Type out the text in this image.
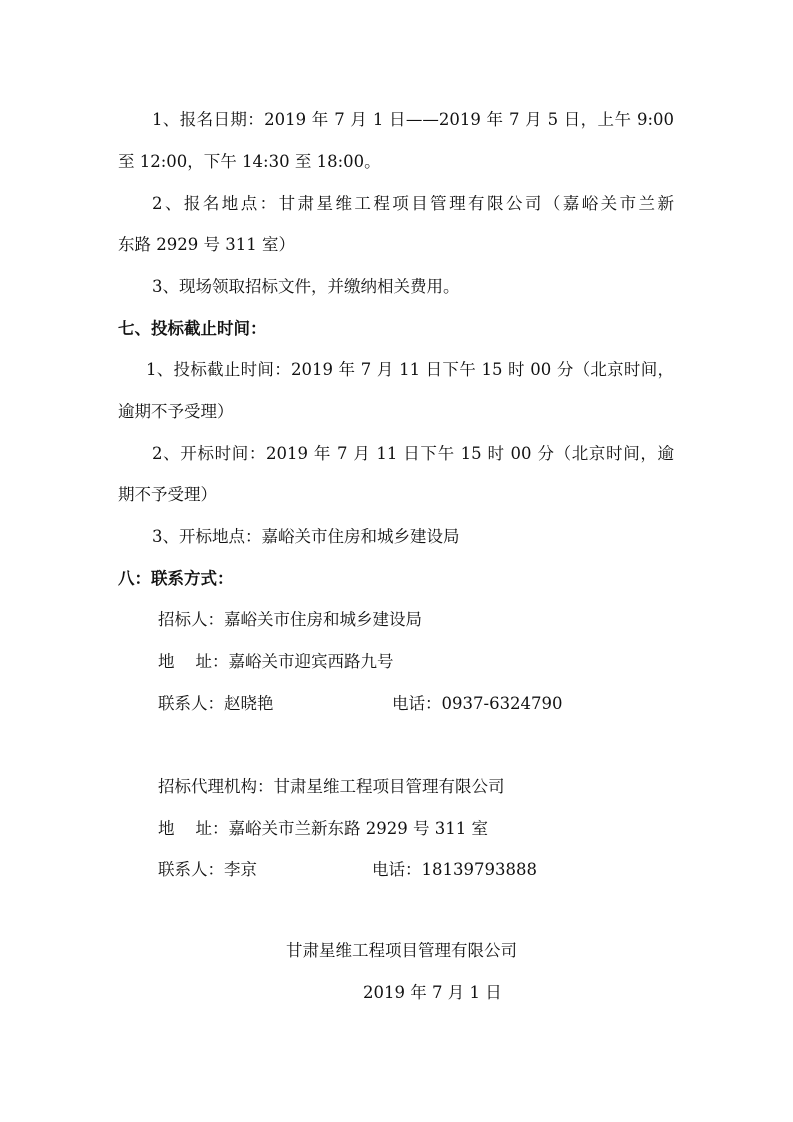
1、报名日期：2019 年 7 月 1 日——2019 年 7 月 5 日，上午 9:00
至 12:00，下午 14:30 至 18:00。
2、报名地点：甘肃星维工程项目管理有限公司（嘉峪关市兰新
东路 2929 号 311 室）
3、现场领取招标文件，并缴纳相关费用。
七、投标截止时间：
1、投标截止时间：2019 年 7 月 11 日下午 15 时 00 分（北京时间，
逾期不予受理）
2、开标时间：2019 年 7 月 11 日下午 15 时 00 分（北京时间，逾
期不予受理）
3、开标地点：嘉峪关市住房和城乡建设局
八：联系方式：
招标人：嘉峪关市住房和城乡建设局
地    址：嘉峪关市迎宾西路九号
联系人：赵晓艳	电话：0937-6324790
招标代理机构：甘肃星维工程项目管理有限公司
地    址：嘉峪关市兰新东路 2929 号 311 室
联系人：李京	电话：18139793888
甘肃星维工程项目管理有限公司
2019 年 7 月 1 日
